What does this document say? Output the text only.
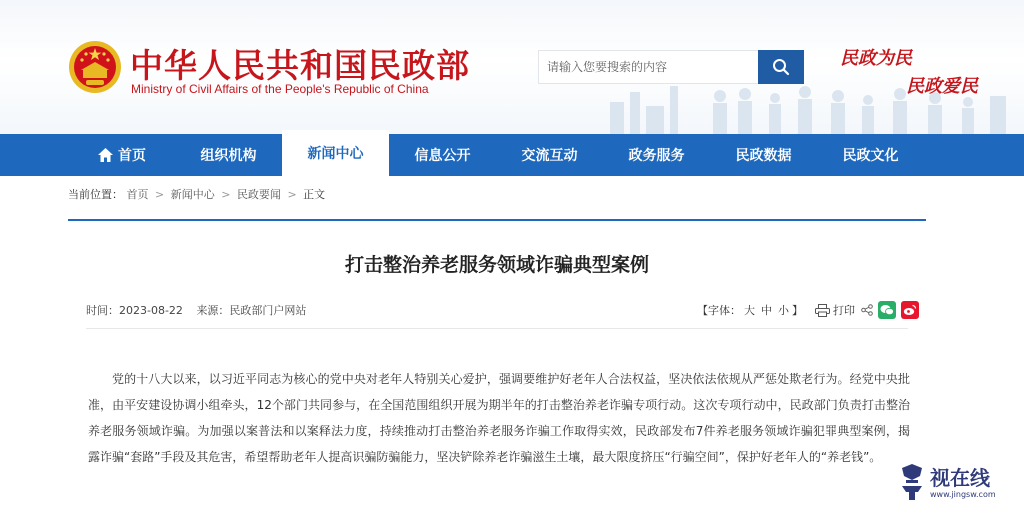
中华人民共和国民政部
Ministry of Civil Affairs of the People's Republic of China
请输入您要搜索的内容
民政为民
民政爱民
首页	组织机构	新闻中心	信息公开	交流互动	政务服务	民政数据	民政文化
当前位置： 首页 > 新闻中心 > 民政要闻 > 正文
打击整治养老服务领域诈骗典型案例
时间：2023-08-22 来源：民政部门户网站	【字体： 大 中 小 】	打印

党的十八大以来，以习近平同志为核心的党中央对老年人特别关心爱护，强调要维护好老年人合法权益，坚决依法依规从严惩处欺老行为。经党中央批准，由平安建设协调小组牵头，12个部门共同参与，在全国范围组织开展为期半年的打击整治养老诈骗专项行动。这次专项行动中，民政部门负责打击整治养老服务领域诈骗。为加强以案普法和以案释法力度，持续推动打击整治养老服务诈骗工作取得实效，民政部发布7件养老服务领域诈骗犯罪典型案例，揭露诈骗“套路”手段及其危害，希望帮助老年人提高识骗防骗能力，坚决铲除养老诈骗滋生土壤，最大限度挤压“行骗空间”，保护好老年人的“养老钱”。

视在线
www.jingsw.com
